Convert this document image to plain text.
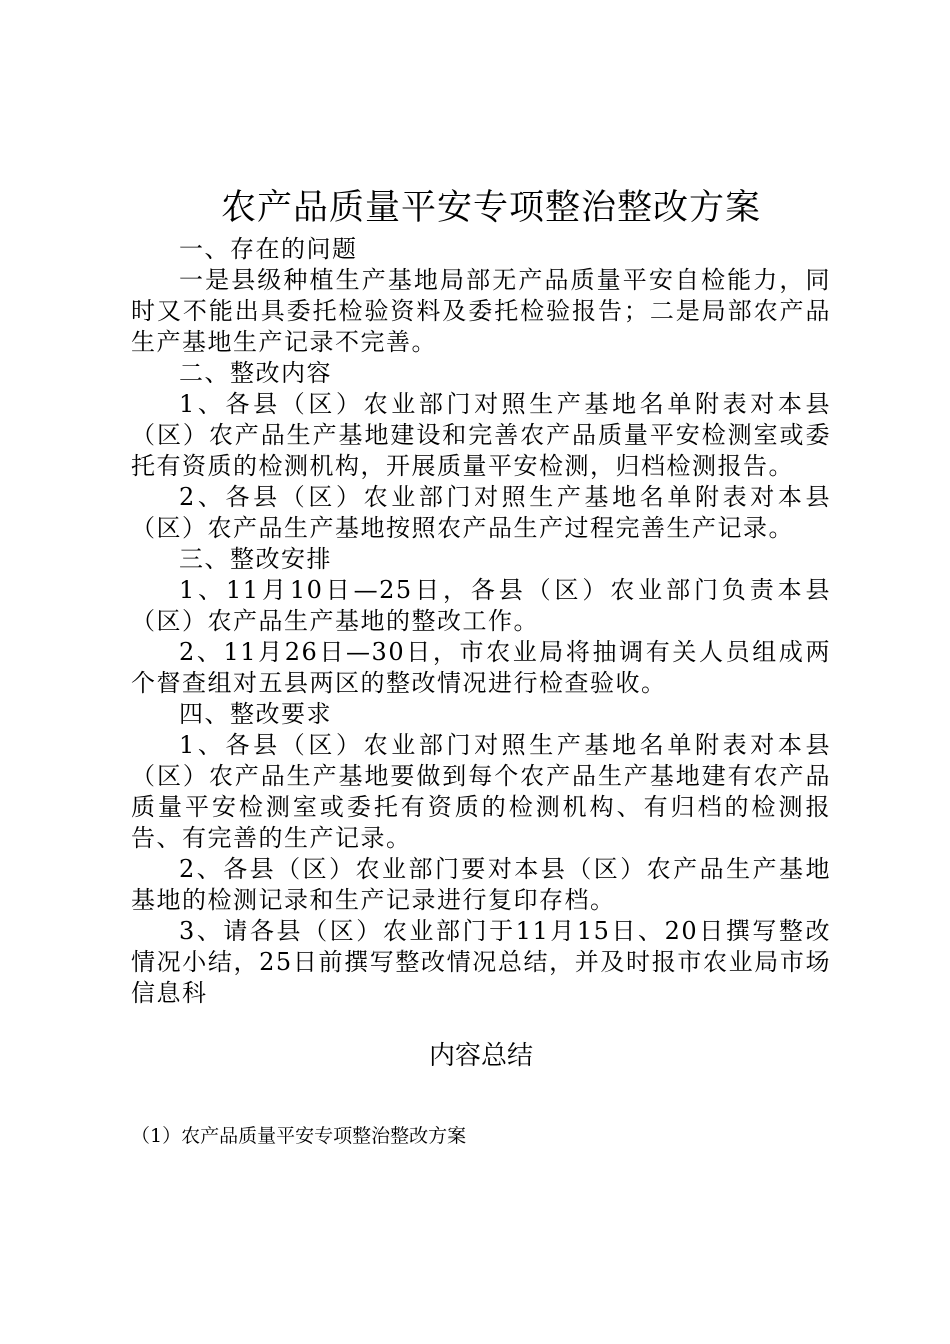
农产品质量平安专项整治整改方案

一、存在的问题

一是县级种植生产基地局部无产品质量平安自检能力，同时又不能出具委托检验资料及委托检验报告；二是局部农产品生产基地生产记录不完善。

二、整改内容

1、各县（区）农业部门对照生产基地名单附表对本县（区）农产品生产基地建设和完善农产品质量平安检测室或委托有资质的检测机构，开展质量平安检测，归档检测报告。

2、各县（区）农业部门对照生产基地名单附表对本县（区）农产品生产基地按照农产品生产过程完善生产记录。

三、整改安排

1、11月10日—25日，各县（区）农业部门负责本县（区）农产品生产基地的整改工作。

2、11月26日—30日，市农业局将抽调有关人员组成两个督查组对五县两区的整改情况进行检查验收。

四、整改要求

1、各县（区）农业部门对照生产基地名单附表对本县（区）农产品生产基地要做到每个农产品生产基地建有农产品质量平安检测室或委托有资质的检测机构、有归档的检测报告、有完善的生产记录。

2、各县（区）农业部门要对本县（区）农产品生产基地基地的检测记录和生产记录进行复印存档。

3、请各县（区）农业部门于11月15日、20日撰写整改情况小结，25日前撰写整改情况总结，并及时报市农业局市场信息科

内容总结

（1）农产品质量平安专项整治整改方案
